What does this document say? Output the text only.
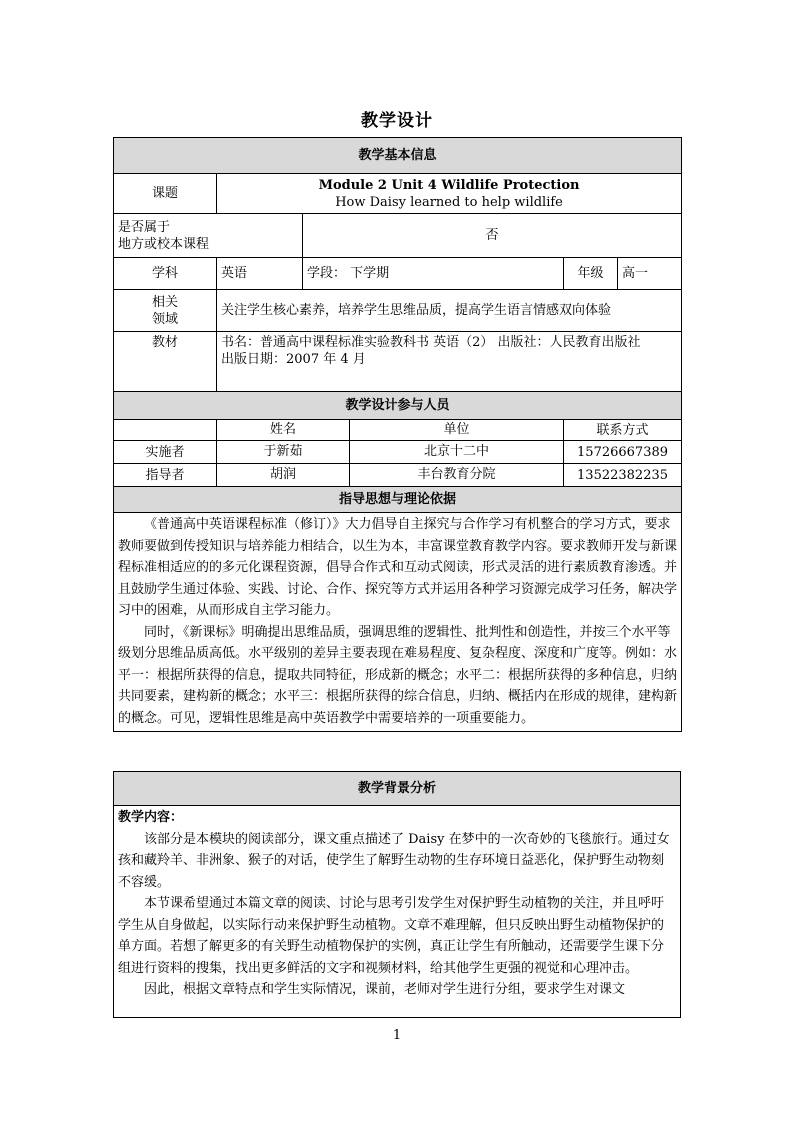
教学设计
教学基本信息				
课题	Module 2 Unit 4 Wildlife Protection
How Daisy learned to help wildlife			

是否属于
地方或校本课程		否		
学科	英语	学段： 下学期	年级	高一

相关
领域	关注学生核心素养，培养学生思维品质，提高学生语言情感双向体验			
教材	书名：普通高中课程标准实验教科书 英语（2） 出版社：人民教育出版社
出版日期：2007 年 4 月			

教学设计参与人员				

	姓名 单位		联系方式	
实施者	于新茹 北京十二中		15726667389	
指导者	胡润 丰台教育分院		13522382235	
指导思想与理论依据				

《普通高中英语课程标准（修订）》大力倡导自主探究与合作学习有机整合的学习方式，要求教师要做到传授知识与培养能力相结合，以生为本，丰富课堂教育教学内容。要求教师开发与新课程标准相适应的的多元化课程资源，倡导合作式和互动式阅读，形式灵活的进行素质教育渗透。并且鼓励学生通过体验、实践、讨论、合作、探究等方式并运用各种学习资源完成学习任务，解决学习中的困难，从而形成自主学习能力。

同时，《新课标》明确提出思维品质，强调思维的逻辑性、批判性和创造性，并按三个水平等级划分思维品质高低。水平级别的差异主要表现在难易程度、复杂程度、深度和广度等。例如：水平一：根据所获得的信息，提取共同特征，形成新的概念；水平二：根据所获得的多种信息，归纳共同要素，建构新的概念；水平三：根据所获得的综合信息，归纳、概括内在形成的规律，建构新的概念。可见，逻辑性思维是高中英语教学中需要培养的一项重要能力。				

教学背景分析

教学内容：

该部分是本模块的阅读部分，课文重点描述了 Daisy 在梦中的一次奇妙的飞毯旅行。通过女孩和藏羚羊、非洲象、猴子的对话，使学生了解野生动物的生存环境日益恶化，保护野生动物刻不容缓。

本节课希望通过本篇文章的阅读、讨论与思考引发学生对保护野生动植物的关注，并且呼吁学生从自身做起，以实际行动来保护野生动植物。文章不难理解，但只反映出野生动植物保护的单方面。若想了解更多的有关野生动植物保护的实例，真正让学生有所触动，还需要学生课下分组进行资料的搜集，找出更多鲜活的文字和视频材料，给其他学生更强的视觉和心理冲击。

因此，根据文章特点和学生实际情况，课前，老师对学生进行分组，要求学生对课文

1
